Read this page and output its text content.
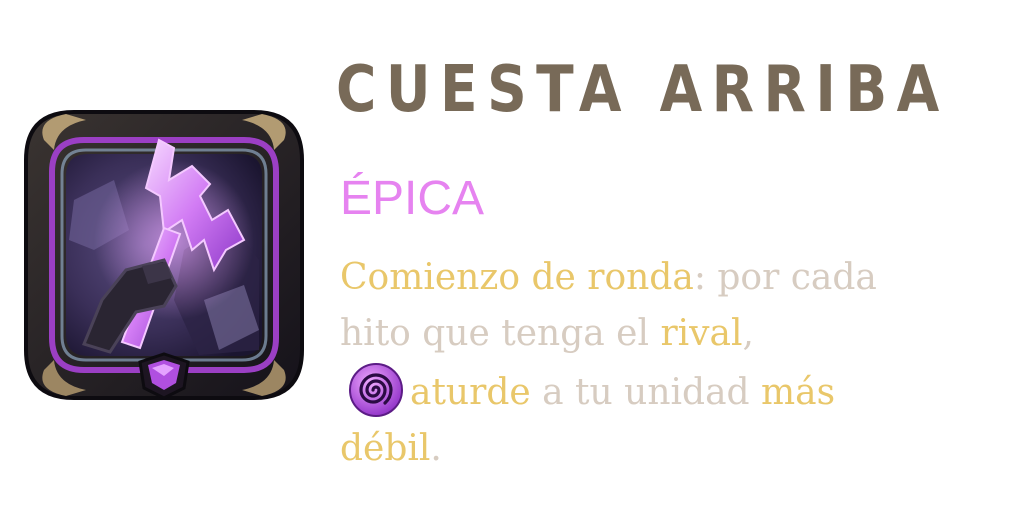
CUESTA ARRIBA
ÉPICA
Comienzo de ronda: por cada
hito que tenga el rival,

aturde a tu unidad más
débil.
